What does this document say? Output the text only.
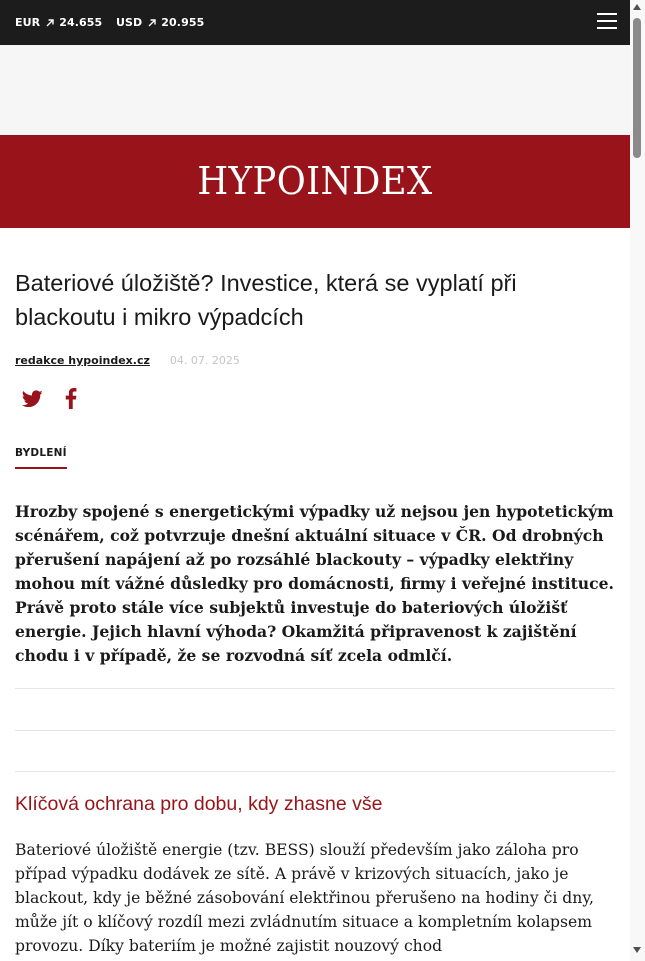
EUR 24.655 USD 20.955
HYPOINDEX
Bateriové úložiště? Investice, která se vyplatí při blackoutu i mikro výpadcích
redakce hypoindex.cz 04. 07. 2025
BYDLENÍ

Hrozby spojené s energetickými výpadky už nejsou jen hypotetickým scénářem, což potvrzuje dnešní aktuální situace v ČR. Od drobných přerušení napájení až po rozsáhlé blackouty – výpadky elektřiny mohou mít vážné důsledky pro domácnosti, firmy i veřejné instituce. Právě proto stále více subjektů investuje do bateriových úložišť energie. Jejich hlavní výhoda? Okamžitá připravenost k zajištění chodu i v případě, že se rozvodná síť zcela odmlčí.

Klíčová ochrana pro dobu, kdy zhasne vše

Bateriové úložiště energie (tzv. BESS) slouží především jako záloha pro případ výpadku dodávek ze sítě. A právě v krizových situacích, jako je blackout, kdy je běžné zásobování elektřinou přerušeno na hodiny či dny, může jít o klíčový rozdíl mezi zvládnutím situace a kompletním kolapsem provozu. Díky bateriím je možné zajistit nouzový chod
